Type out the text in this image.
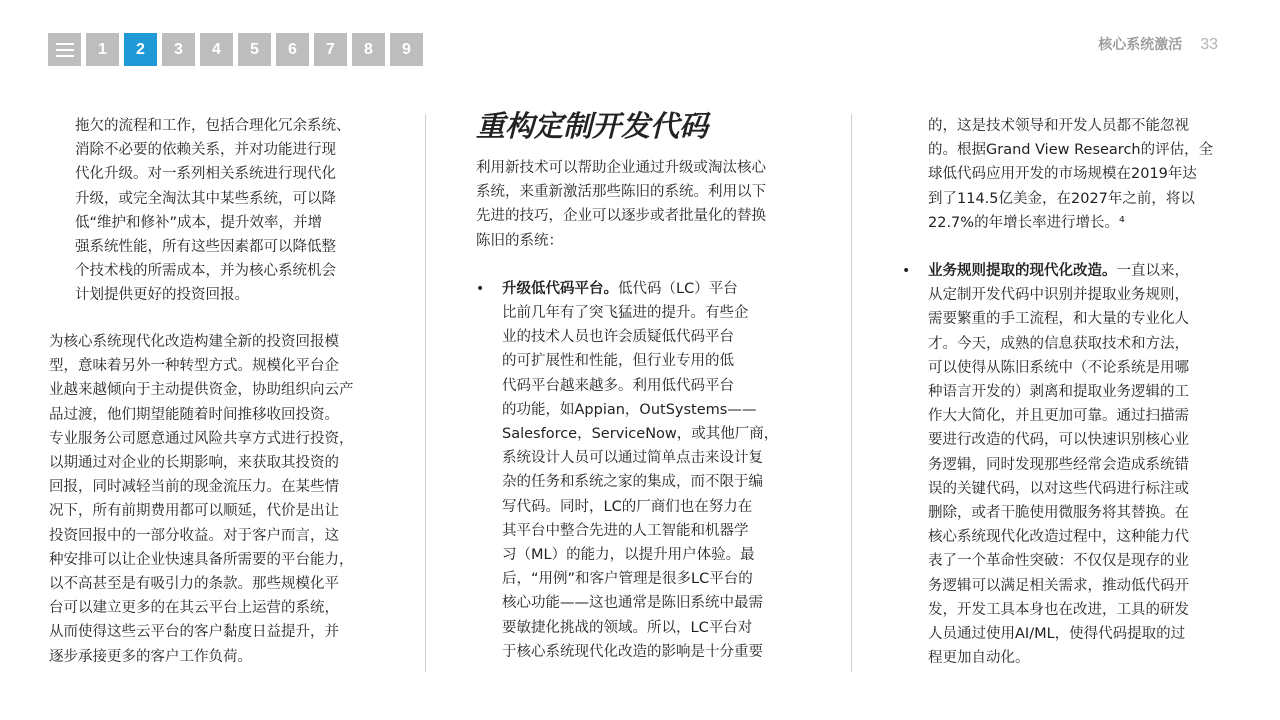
1	2	3	4	5	6	7	8	9	核心系统激活 33

拖欠的流程和工作，包括合理化冗余系统、
消除不必要的依赖关系，并对功能进行现
代化升级。对一系列相关系统进行现代化
升级，或完全淘汰其中某些系统，可以降
低“维护和修补”成本，提升效率，并增
强系统性能，所有这些因素都可以降低整
个技术栈的所需成本，并为核心系统机会
计划提供更好的投资回报。

为核心系统现代化改造构建全新的投资回报模
型，意味着另外一种转型方式。规模化平台企
业越来越倾向于主动提供资金，协助组织向云产
品过渡，他们期望能随着时间推移收回投资。
专业服务公司愿意通过风险共享方式进行投资，
以期通过对企业的长期影响，来获取其投资的
回报，同时减轻当前的现金流压力。在某些情
况下，所有前期费用都可以顺延，代价是出让
投资回报中的一部分收益。对于客户而言，这
种安排可以让企业快速具备所需要的平台能力，
以不高甚至是有吸引力的条款。那些规模化平
台可以建立更多的在其云平台上运营的系统，
从而使得这些云平台的客户黏度日益提升，并
逐步承接更多的客户工作负荷。

重构定制开发代码

利用新技术可以帮助企业通过升级或淘汰核心
系统，来重新激活那些陈旧的系统。利用以下
先进的技巧，企业可以逐步或者批量化的替换
陈旧的系统：

• 升级低代码平台。低代码（LC）平台
比前几年有了突飞猛进的提升。有些企
业的技术人员也许会质疑低代码平台
的可扩展性和性能，但行业专用的低
代码平台越来越多。利用低代码平台
的功能，如Appian，OutSystems——
Salesforce，ServiceNow，或其他厂商，
系统设计人员可以通过简单点击来设计复
杂的任务和系统之家的集成，而不限于编
写代码。同时，LC的厂商们也在努力在
其平台中整合先进的人工智能和机器学
习（ML）的能力，以提升用户体验。最
后，“用例”和客户管理是很多LC平台的
核心功能——这也通常是陈旧系统中最需
要敏捷化挑战的领域。所以，LC平台对
于核心系统现代化改造的影响是十分重要

的，这是技术领导和开发人员都不能忽视
的。根据Grand View Research的评估，全
球低代码应用开发的市场规模在2019年达
到了114.5亿美金，在2027年之前，将以
22.7%的年增长率进行增长。⁴

• 业务规则提取的现代化改造。一直以来，
从定制开发代码中识别并提取业务规则，
需要繁重的手工流程，和大量的专业化人
才。今天，成熟的信息获取技术和方法，
可以使得从陈旧系统中（不论系统是用哪
种语言开发的）剥离和提取业务逻辑的工
作大大简化，并且更加可靠。通过扫描需
要进行改造的代码，可以快速识别核心业
务逻辑，同时发现那些经常会造成系统错
误的关键代码，以对这些代码进行标注或
删除，或者干脆使用微服务将其替换。在
核心系统现代化改造过程中，这种能力代
表了一个革命性突破：不仅仅是现存的业
务逻辑可以满足相关需求，推动低代码开
发，开发工具本身也在改进，工具的研发
人员通过使用AI/ML，使得代码提取的过
程更加自动化。
